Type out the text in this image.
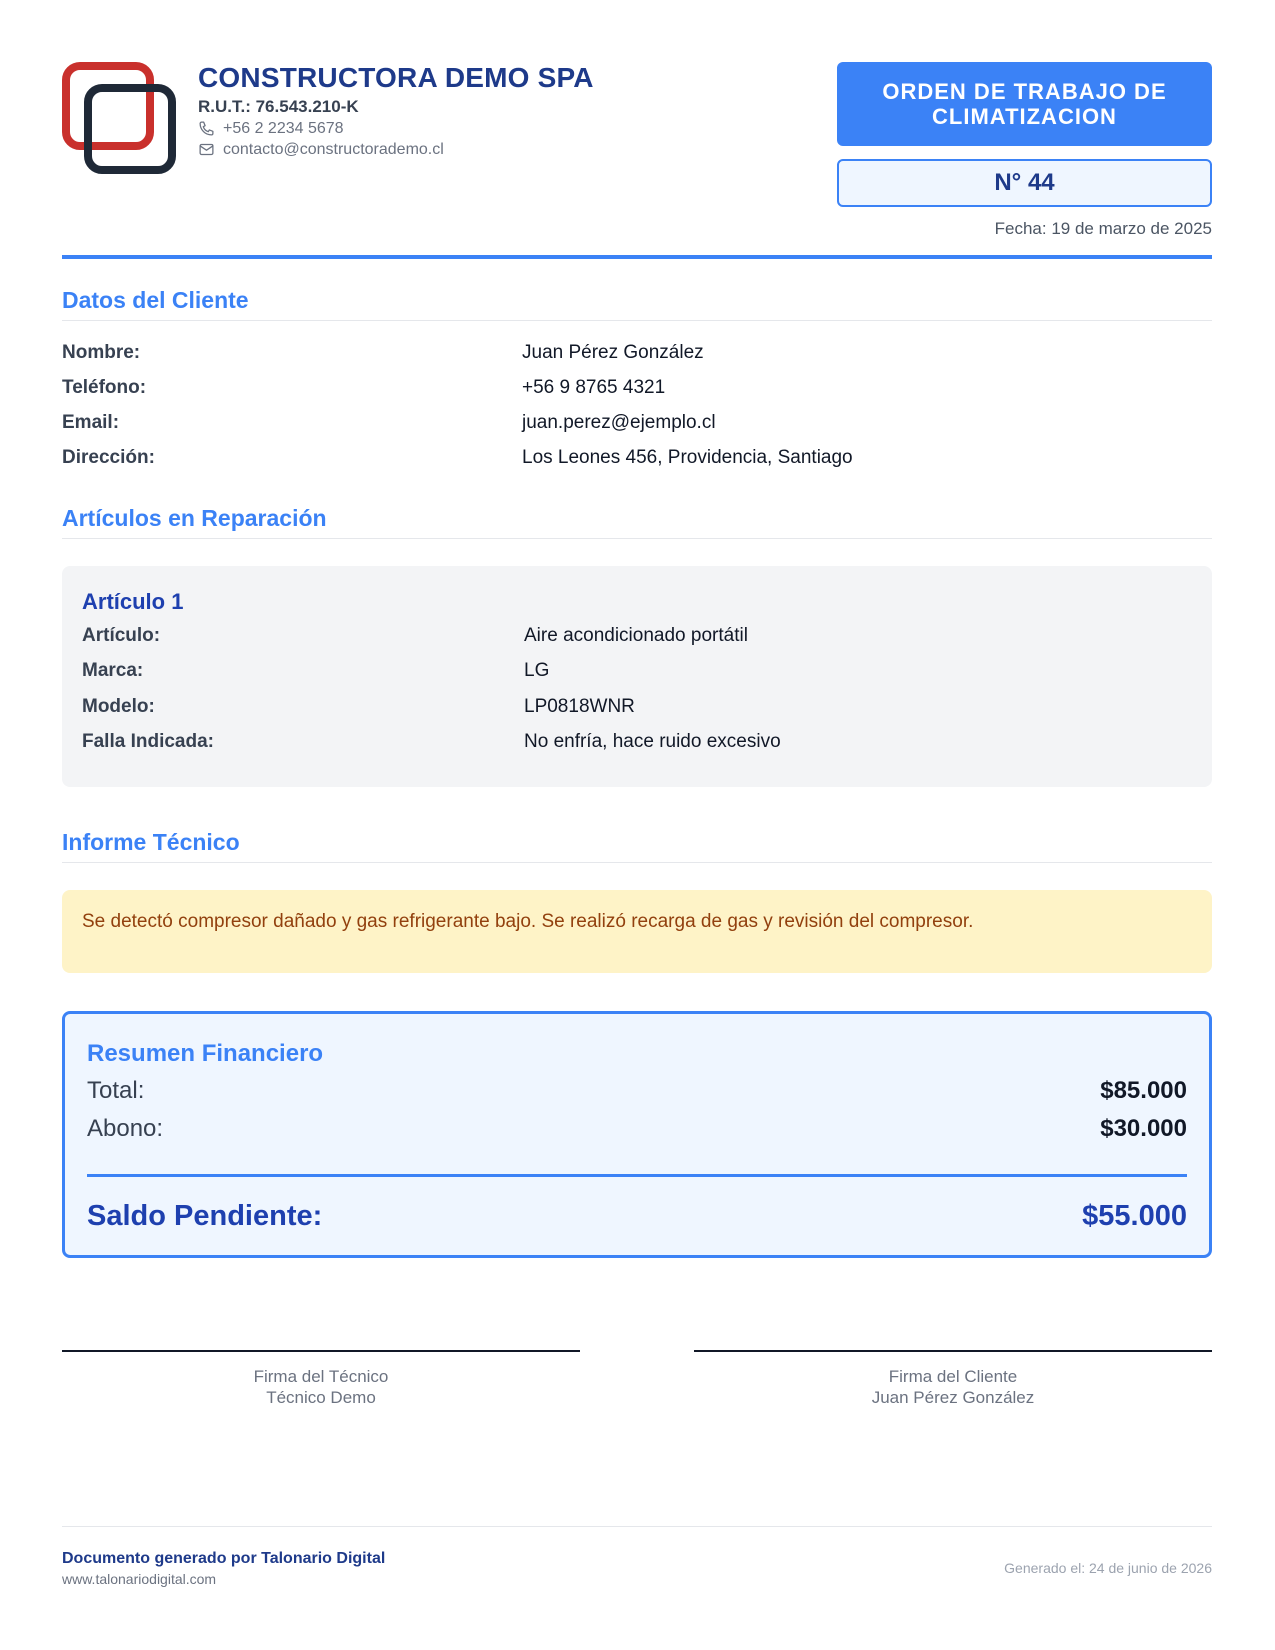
CONSTRUCTORA DEMO SPA
R.U.T.: 76.543.210-K
+56 2 2234 5678
contacto@constructorademo.cl
ORDEN DE TRABAJO DE CLIMATIZACION
N° 44
Fecha: 19 de marzo de 2025
Datos del Cliente
Nombre:	Juan Pérez González
Teléfono:	+56 9 8765 4321
Email:	juan.perez@ejemplo.cl
Dirección:	Los Leones 456, Providencia, Santiago
Artículos en Reparación
Artículo 1
Artículo:	Aire acondicionado portátil
Marca:	LG
Modelo:	LP0818WNR
Falla Indicada:	No enfría, hace ruido excesivo
Informe Técnico
Se detectó compresor dañado y gas refrigerante bajo. Se realizó recarga de gas y revisión del compresor.
Resumen Financiero
Total:	$85.000
Abono:	$30.000
Saldo Pendiente:	$55.000
Firma del Técnico
Técnico Demo
Firma del Cliente
Juan Pérez González
Documento generado por Talonario Digital
www.talonariodigital.com
Generado el: 24 de junio de 2026
